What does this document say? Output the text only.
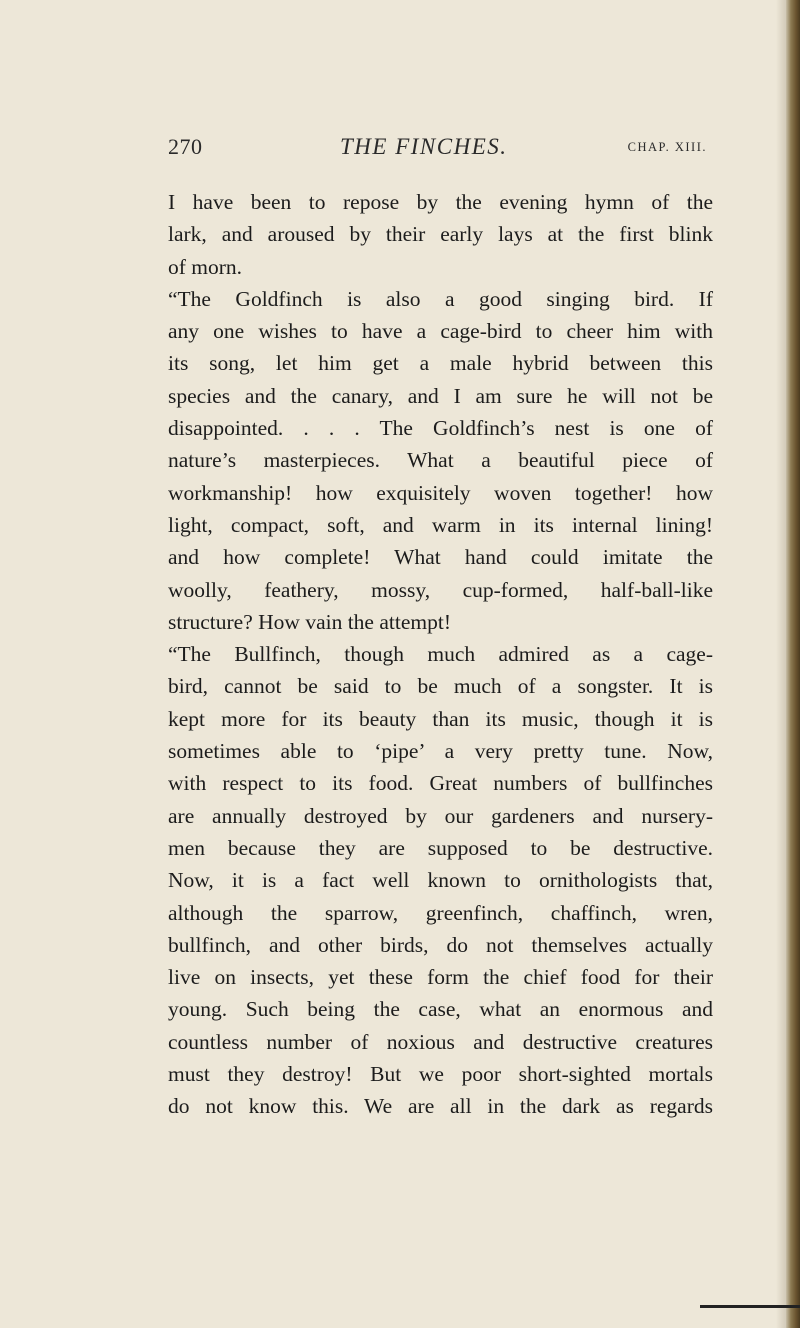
270	THE FINCHES.	CHAP. XIII.
I have been to repose by the evening hymn of the
lark, and aroused by their early lays at the first blink
of morn.
“The Goldfinch is also a good singing bird. If
any one wishes to have a cage-bird to cheer him with
its song, let him get a male hybrid between this
species and the canary, and I am sure he will not be
disappointed. . . . The Goldfinch’s nest is one of
nature’s masterpieces. What a beautiful piece of
workmanship! how exquisitely woven together! how
light, compact, soft, and warm in its internal lining!
and how complete! What hand could imitate the
woolly, feathery, mossy, cup-formed, half-ball-like
structure? How vain the attempt!
“The Bullfinch, though much admired as a cage-
bird, cannot be said to be much of a songster. It is
kept more for its beauty than its music, though it is
sometimes able to ‘pipe’ a very pretty tune. Now,
with respect to its food. Great numbers of bullfinches
are annually destroyed by our gardeners and nursery-
men because they are supposed to be destructive.
Now, it is a fact well known to ornithologists that,
although the sparrow, greenfinch, chaffinch, wren,
bullfinch, and other birds, do not themselves actually
live on insects, yet these form the chief food for their
young. Such being the case, what an enormous and
countless number of noxious and destructive creatures
must they destroy! But we poor short-sighted mortals
do not know this. We are all in the dark as regards
